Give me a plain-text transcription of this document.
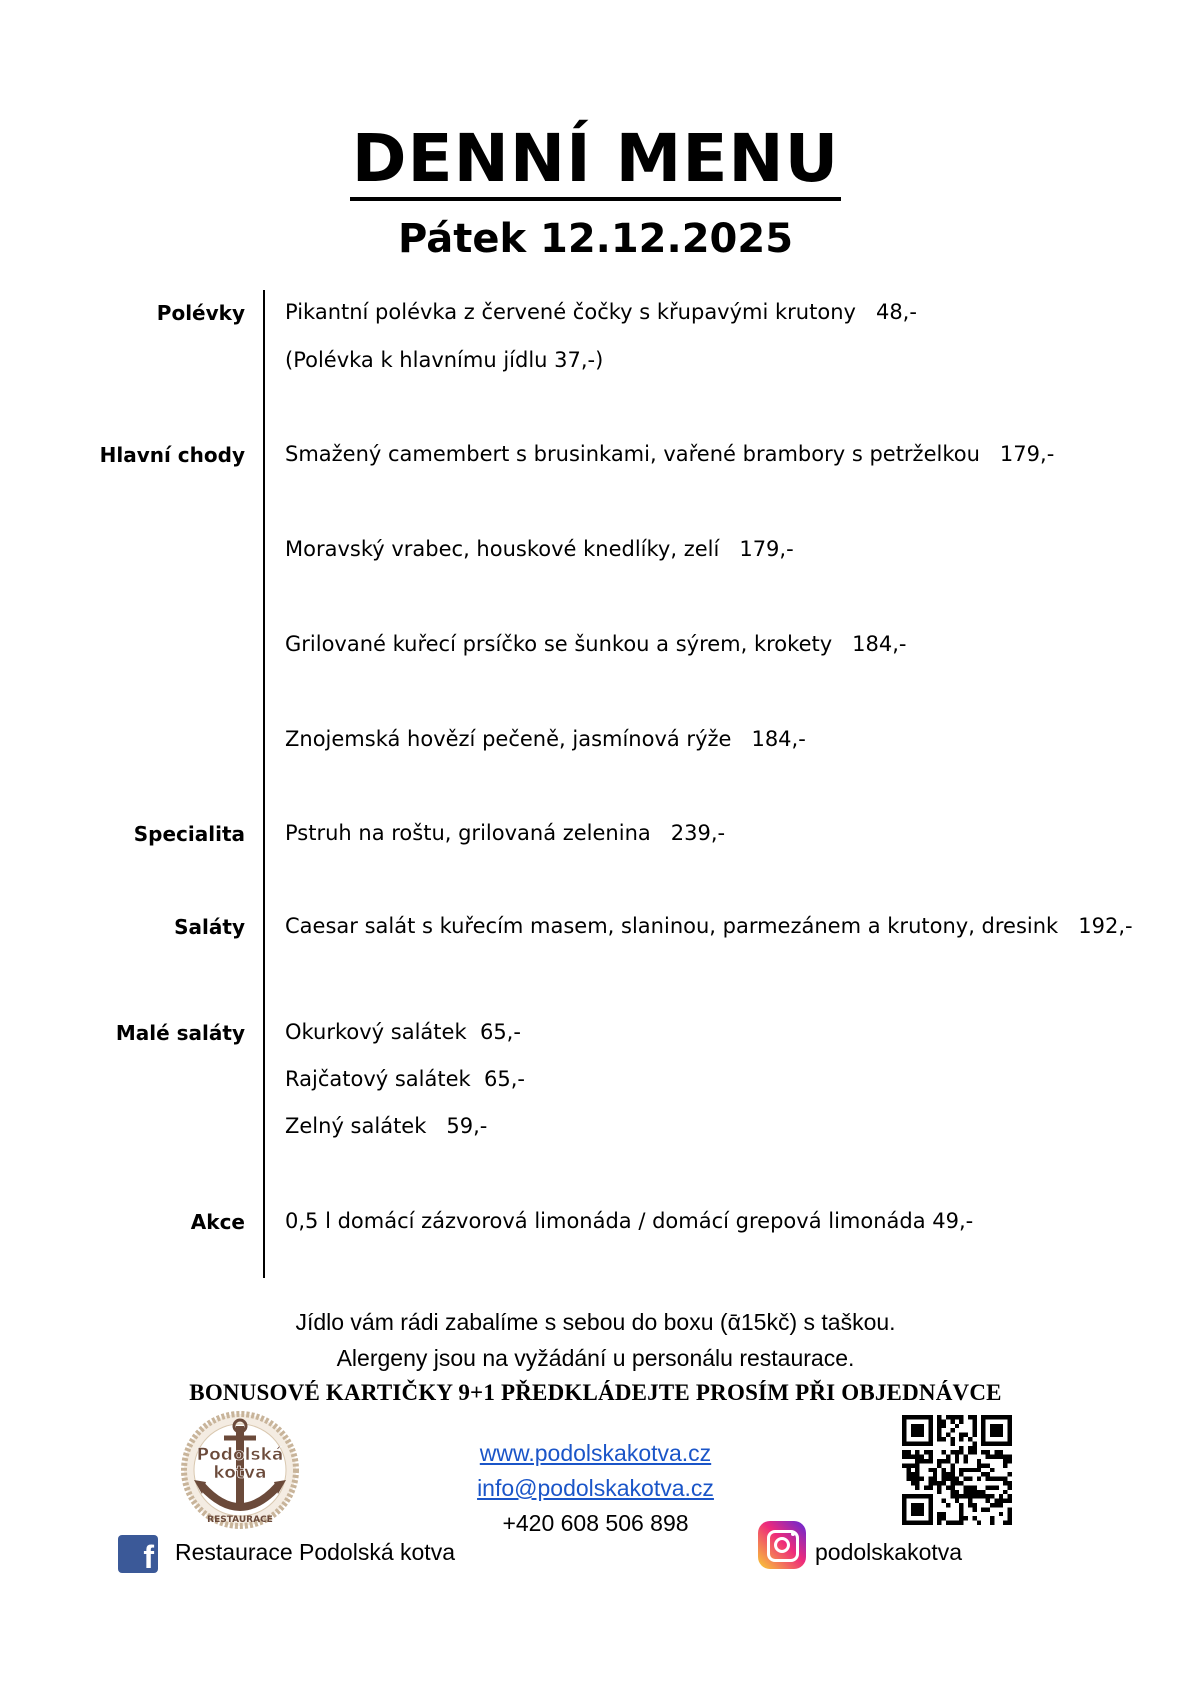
DENNÍ MENU
Pátek 12.12.2025
Polévky Pikantní polévka z červené čočky s křupavými krutony   48,-
(Polévka k hlavnímu jídlu 37,-)
Hlavní chody Smažený camembert s brusinkami, vařené brambory s petrželkou   179,-
Moravský vrabec, houskové knedlíky, zelí   179,-
Grilované kuřecí prsíčko se šunkou a sýrem, krokety   184,-
Znojemská hovězí pečeně, jasmínová rýže   184,-
Specialita Pstruh na roštu, grilovaná zelenina   239,-
Saláty Caesar salát s kuřecím masem, slaninou, parmezánem a krutony, dresink   192,-
Malé saláty Okurkový salátek  65,-
Rajčatový salátek  65,-
Zelný salátek   59,-
Akce 0,5 l domácí zázvorová limonáda / domácí grepová limonáda 49,-
Jídlo vám rádi zabalíme s sebou do boxu (ᾱ15kč) s taškou.
Alergeny jsou na vyžádání u personálu restaurace.
BONUSOVÉ KARTIČKY 9+1 PŘEDKLÁDEJTE PROSÍM PŘI OBJEDNÁVCE
Podolská
kotva
RESTAURACE
www.podolskakotva.cz
info@podolskakotva.cz
+420 608 506 898
f Restaurace Podolská kotva	podolskakotva
